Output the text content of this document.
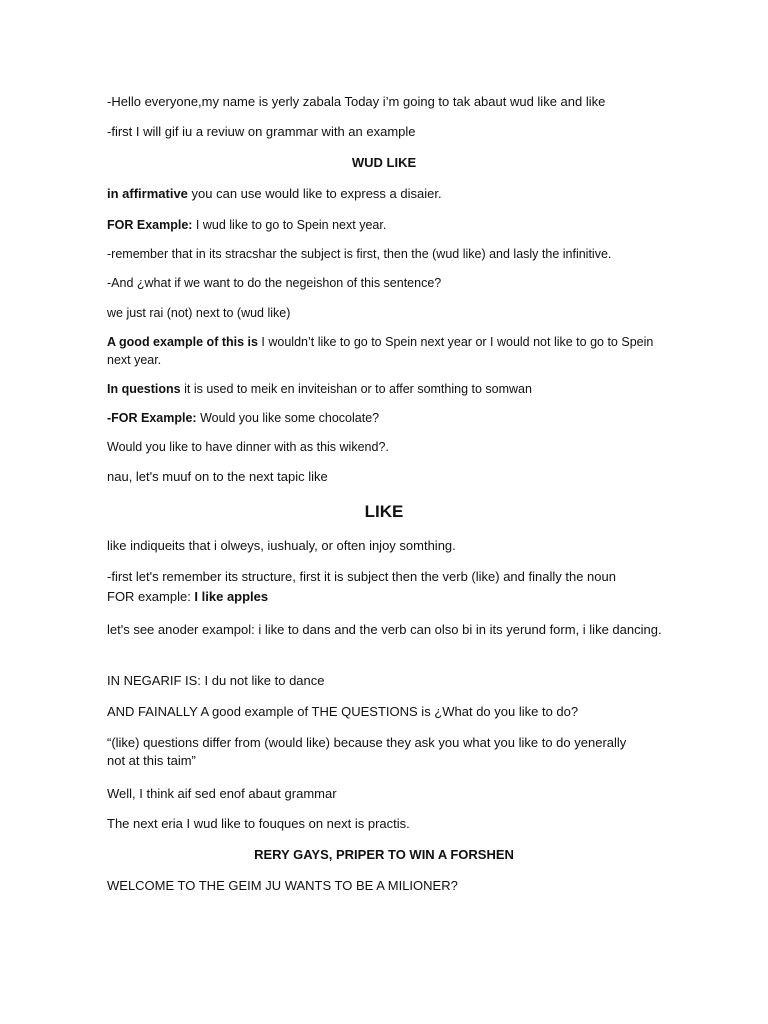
-Hello everyone,my name is yerly zabala Today i’m going to tak abaut wud like and like
-first I will gif iu a reviuw on grammar with an example
WUD LIKE
in affirmative you can use would like to express a disaier.
FOR Example: I wud like to go to Spein next year.
-remember that in its stracshar the subject is first, then the (wud like) and lasly the infinitive.
-And ¿what if we want to do the negeishon of this sentence?
we just rai (not) next to (wud like)
A good example of this is I wouldn’t like to go to Spein next year or I would not like to go to Spein next year.
In questions it is used to meik en inviteishan or to affer somthing to somwan
-FOR Example: Would you like some chocolate?
Would you like to have dinner with as this wikend?.
nau, let's muuf on to the next tapic like
LIKE
like indiqueits that i olweys, iushualy, or often injoy somthing.
-first let's remember its structure, first it is subject then the verb (like) and finally the noun
FOR example: I like apples
let's see anoder exampol: i like to dans and the verb can olso bi in its yerund form, i like dancing.
IN NEGARIF IS: I du not like to dance
AND FAINALLY A good example of THE QUESTIONS is ¿What do you like to do?
“(like) questions differ from (would like) because they ask you what you like to do yenerally not at this taim”
Well, I think aif sed enof abaut grammar
The next eria I wud like to fouques on next is practis.
RERY GAYS, PRIPER TO WIN A FORSHEN
WELCOME TO THE GEIM JU WANTS TO BE A MILIONER?
